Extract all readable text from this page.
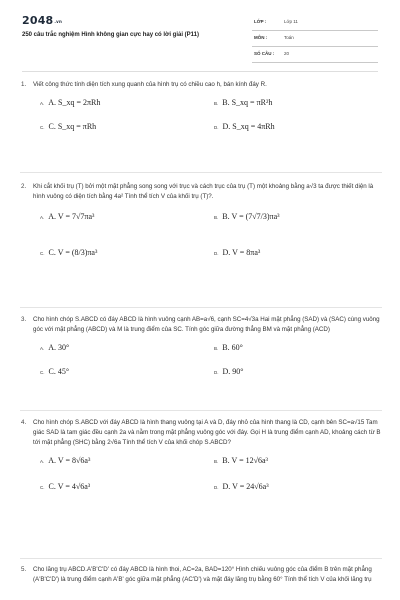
2048.vn
250 câu trắc nghiệm Hình không gian cực hay có lời giải (P11)
LỚP :	Lớp 11
MÔN :	Toán
SỐ CÂU : 20
1. Viết công thức tính diện tích xung quanh của hình trụ có chiều cao h, bán kính đáy R.
A. A. S_xq = 2πRh	B. B. S_xq = πR²h
C. C. S_xq = πRh	D. D. S_xq = 4πRh
2. Khi cắt khối trụ (T) bởi một mặt phẳng song song với trục và cách trục của trụ (T) một khoảng bằng a√3 ta được thiết diện là hình vuông có diện tích bằng 4a² Tính thể tích V của khối trụ (T)?.
A. A. V = 7√7πa³	B. B. V = (7√7/3)πa³
C. C. V = (8/3)πa³	D. D. V = 8πa³
3. Cho hình chóp S.ABCD có đáy ABCD là hình vuông cạnh AB=a√6, cạnh SC=4√3a Hai mặt phẳng (SAD) và (SAC) cùng vuông góc với mặt phẳng (ABCD) và M là trung điểm của SC. Tính góc giữa đường thẳng BM và mặt phẳng (ACD)
A. A. 30°	B. B. 60°
C. C. 45°	D. D. 90°
4. Cho hình chóp S.ABCD với đáy ABCD là hình thang vuông tại A và D, đáy nhỏ của hình thang là CD, cạnh bên SC=a√15 Tam giác SAD là tam giác đều cạnh 2a và nằm trong mặt phẳng vuông góc với đáy. Gọi H là trung điểm cạnh AD, khoảng cách từ B tới mặt phẳng (SHC) bằng 2√6a Tính thể tích V của khối chóp S.ABCD?
A. A. V = 8√6a³	B. B. V = 12√6a³
C. C. V = 4√6a³	D. D. V = 24√6a³
5. Cho lăng trụ ABCD.A'B'C'D' có đáy ABCD là hình thoi, AC=2a, BAD=120° Hình chiếu vuông góc của điểm B trên mặt phẳng (A'B'C'D') là trung điểm cạnh A'B' góc giữa mặt phẳng (AC'D') và mặt đáy lăng trụ bằng 60° Tính thể tích V của khối lăng trụ
